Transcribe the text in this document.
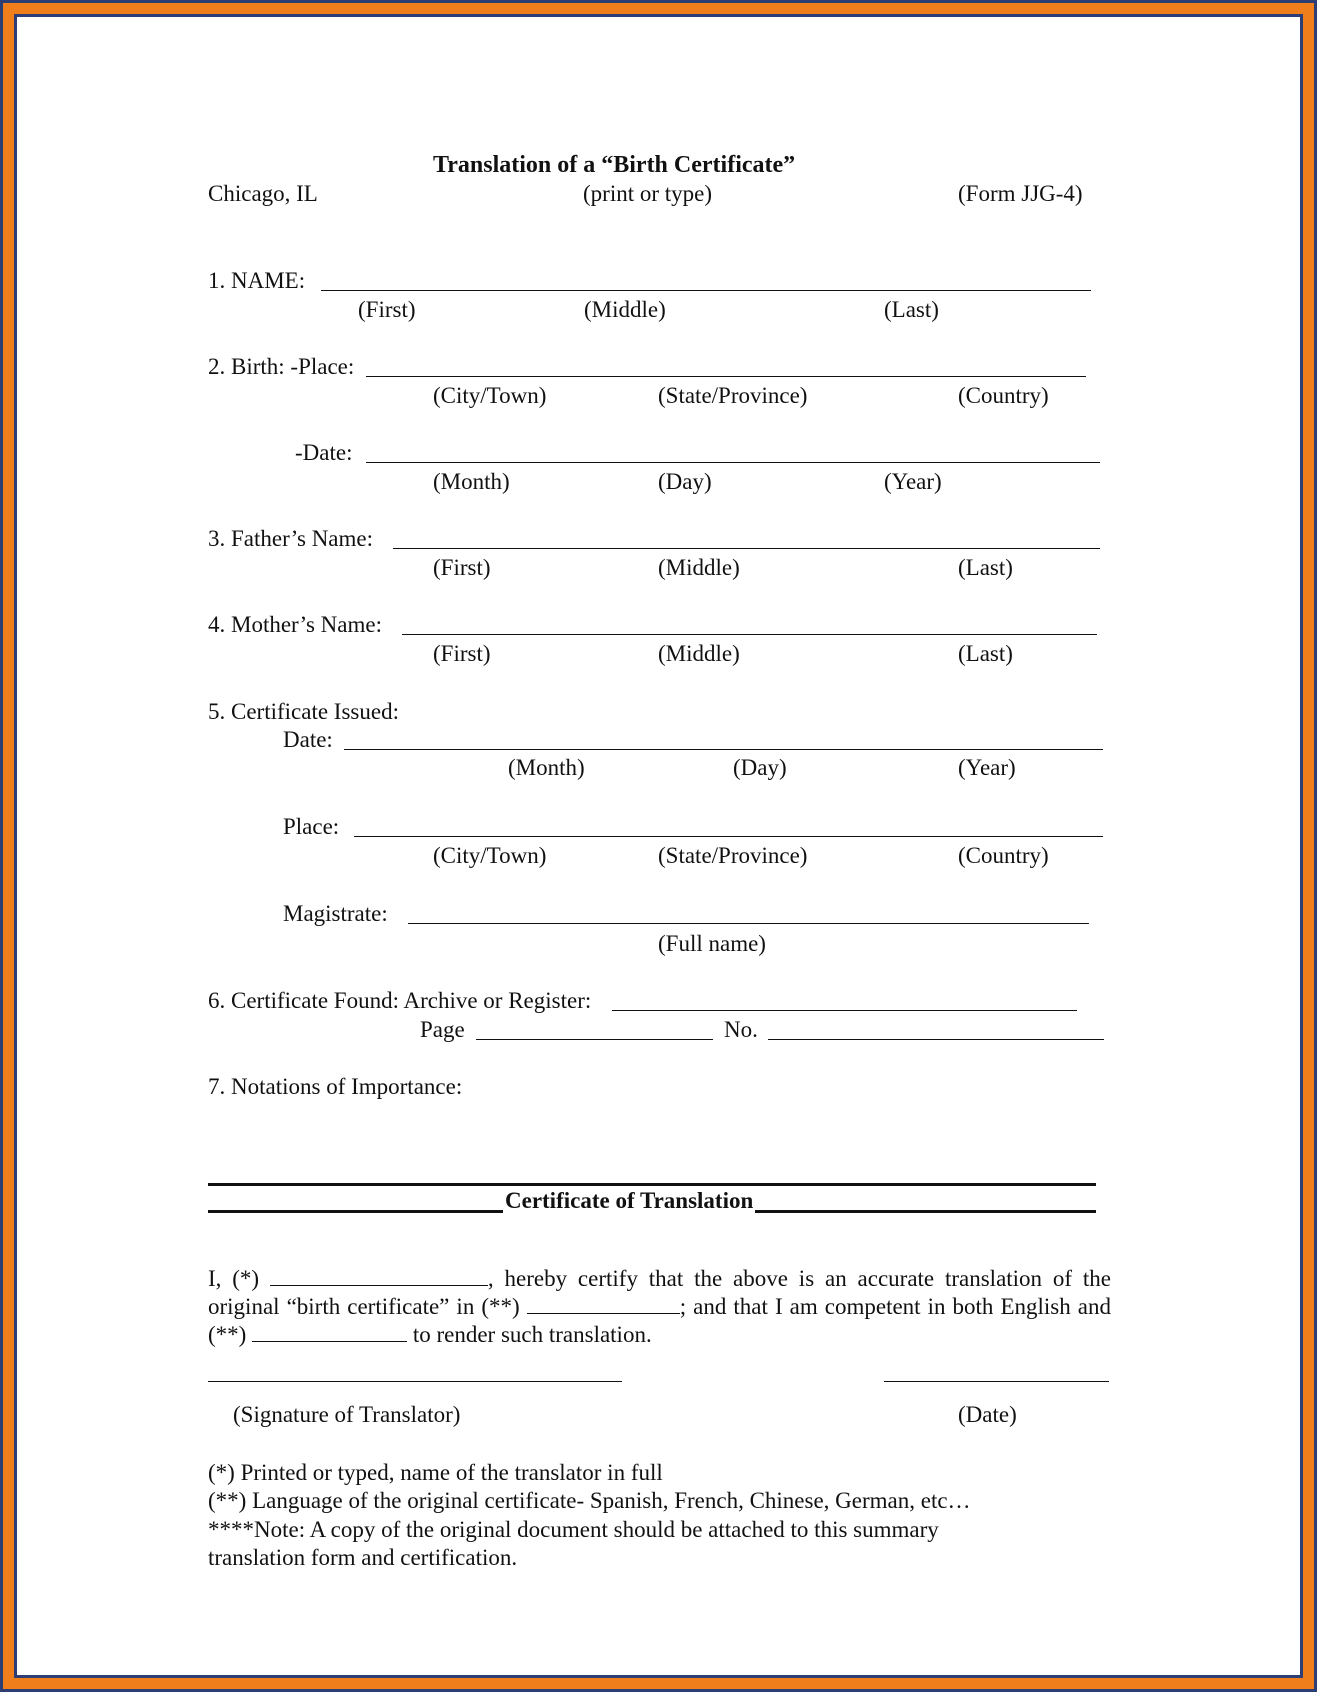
Translation of a “Birth Certificate”
Chicago, IL	(print or type)	(Form JJG-4)
1. NAME:
(First)	(Middle)	(Last)
2. Birth: -Place:
(City/Town)	(State/Province)	(Country)
-Date:
(Month)	(Day)	(Year)
3. Father’s Name:
(First)	(Middle)	(Last)
4. Mother’s Name:
(First)	(Middle)	(Last)
5. Certificate Issued:
Date:
(Month)	(Day)	(Year)
Place:
(City/Town)	(State/Province)	(Country)
Magistrate:
(Full name)
6. Certificate Found: Archive or Register:
Page	No.
7. Notations of Importance:
Certificate of Translation
I, (*)	, hereby certify that the above is an accurate translation of the original “birth certificate” in (**)	; and that I am competent in both English and (**)	to render such translation.
(Signature of Translator)	(Date)
(*) Printed or typed, name of the translator in full
(**) Language of the original certificate- Spanish, French, Chinese, German, etc…
****Note: A copy of the original document should be attached to this summary
translation form and certification.
